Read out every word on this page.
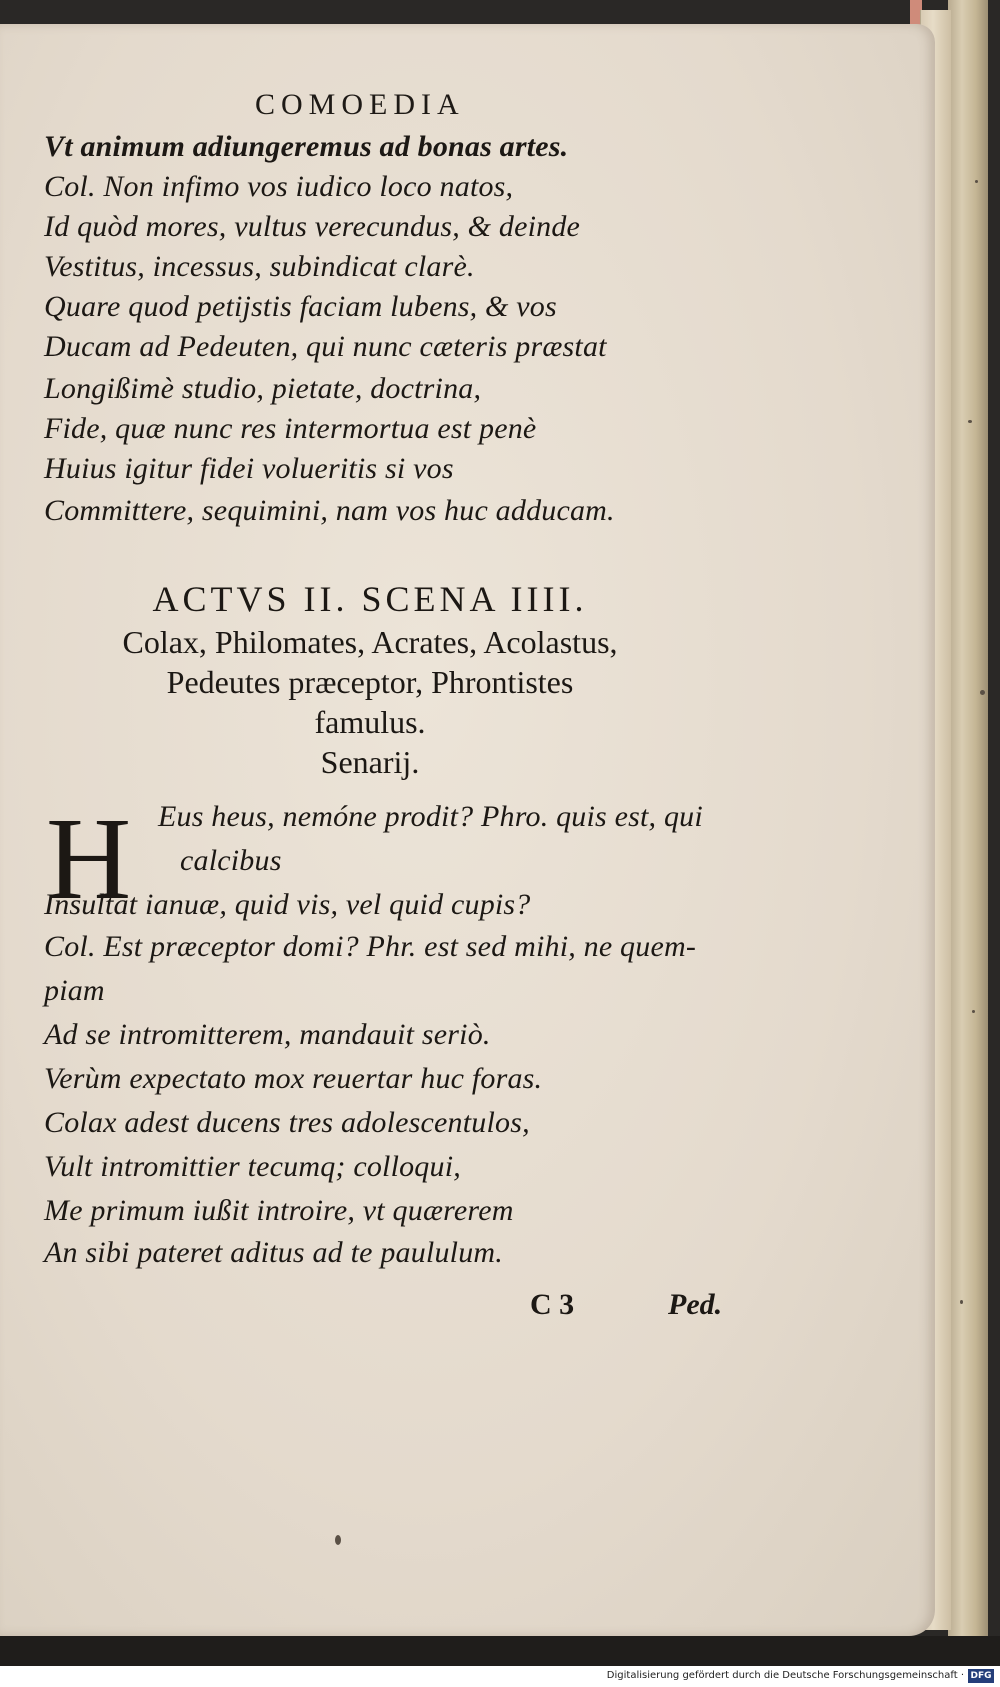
COMOEDIA
Vt animum adiungeremus ad bonas artes.
Col. Non infimo vos iudico loco natos,
Id quòd mores, vultus verecundus, & deinde
Vestitus, incessus, subindicat clarè.
Quare quod petijstis faciam lubens, & vos
Ducam ad Pedeuten, qui nunc cæteris præstat
Longißimè studio, pietate, doctrina,
Fide, quæ nunc res intermortua est penè
Huius igitur fidei volueritis si vos
Committere, sequimini, nam vos huc adducam.
ACTVS II. SCENA IIII.
Colax, Philomates, Acrates, Acolastus,
Pedeutes præceptor, Phrontistes
famulus.
Senarij.
H Eus heus, nemóne prodit? Phro. quis est, qui
calcibus
Insultat ianuæ, quid vis, vel quid cupis?
Col. Est præceptor domi? Phr. est sed mihi, ne quem-
piam
Ad se intromitterem, mandauit seriò.
Verùm expectato mox reuertar huc foras.
Colax adest ducens tres adolescentulos,
Vult intromittier tecumq; colloqui,
Me primum iußit introire, vt quærerem
An sibi pateret aditus ad te paululum.
C 3	Ped.
Digitalisierung gefördert durch die Deutsche Forschungsgemeinschaft · DFG
